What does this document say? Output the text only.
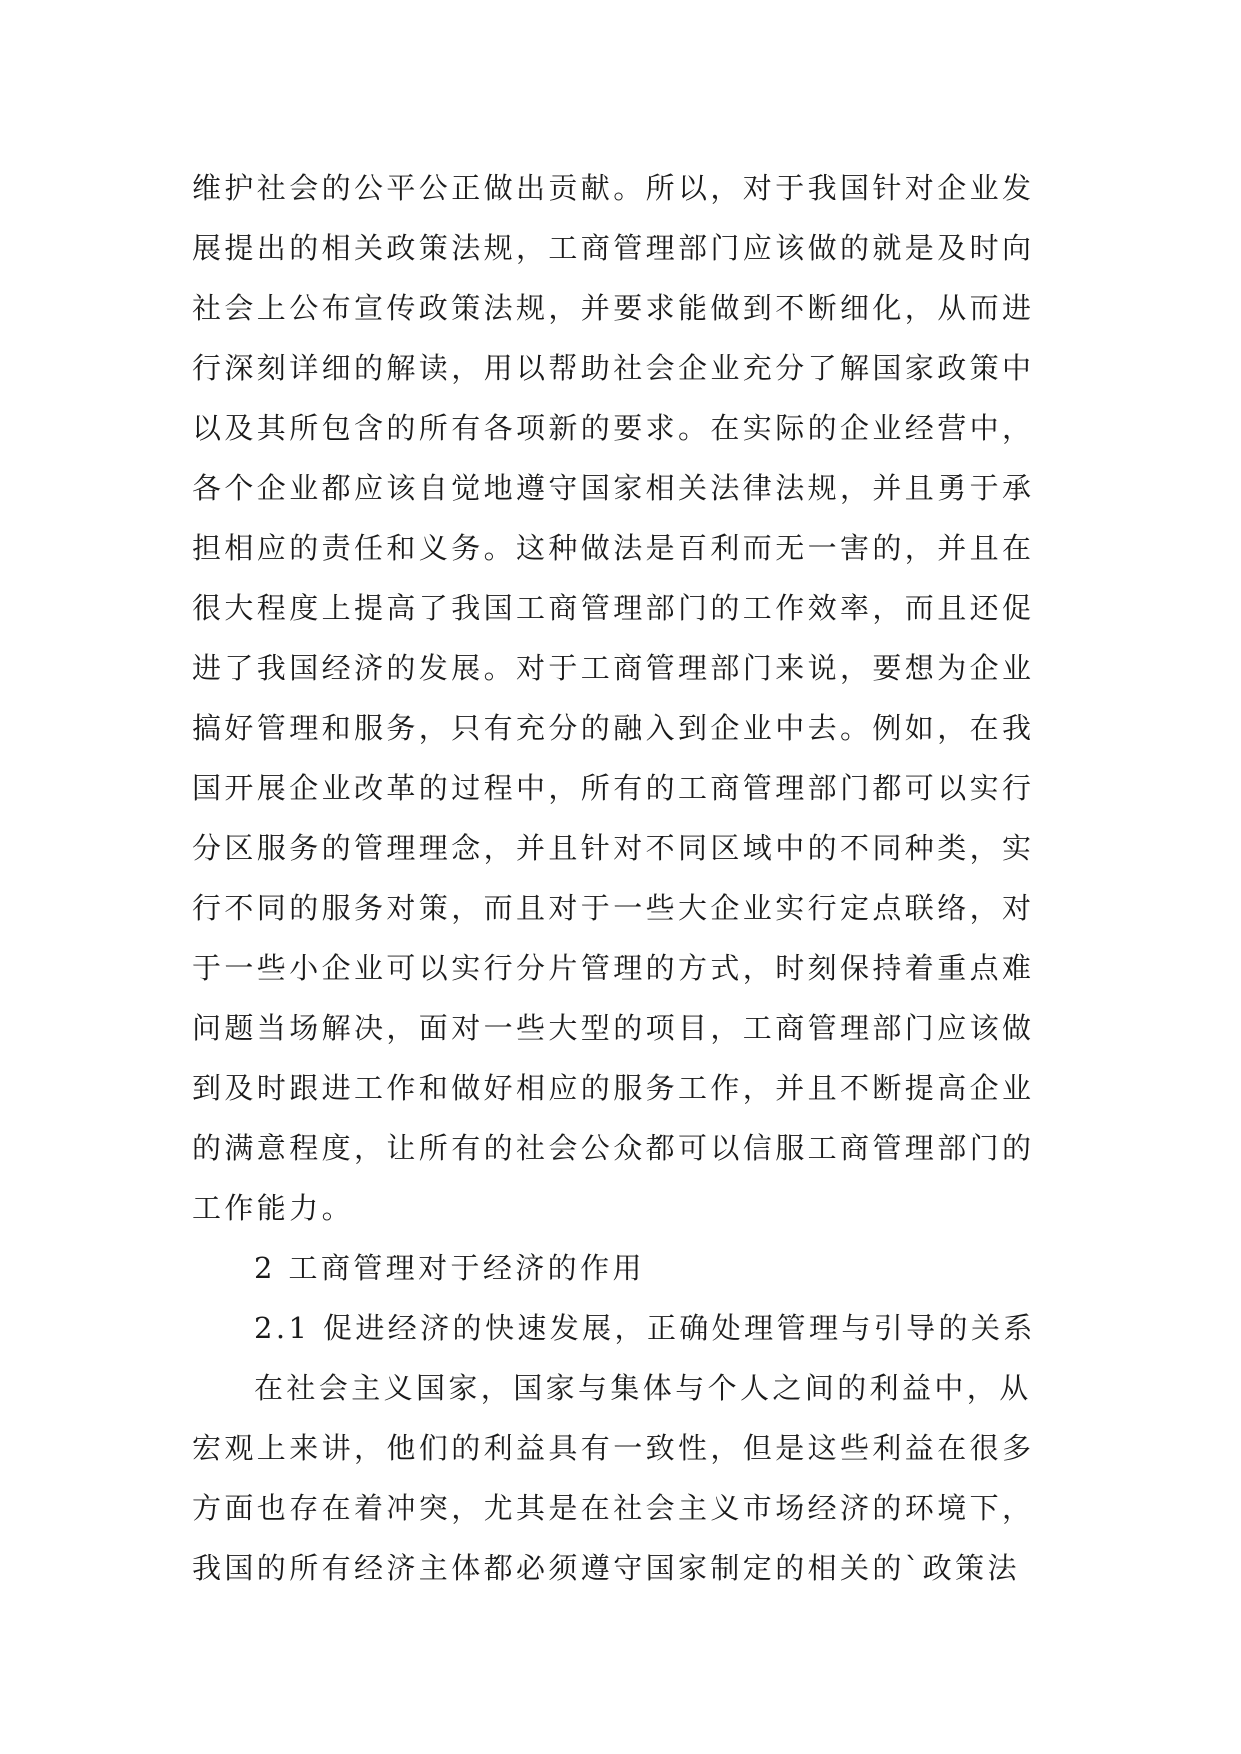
维护社会的公平公正做出贡献。所以，对于我国针对企业发
展提出的相关政策法规，工商管理部门应该做的就是及时向
社会上公布宣传政策法规，并要求能做到不断细化，从而进
行深刻详细的解读，用以帮助社会企业充分了解国家政策中
以及其所包含的所有各项新的要求。在实际的企业经营中，
各个企业都应该自觉地遵守国家相关法律法规，并且勇于承
担相应的责任和义务。这种做法是百利而无一害的，并且在
很大程度上提高了我国工商管理部门的工作效率，而且还促
进了我国经济的发展。对于工商管理部门来说，要想为企业
搞好管理和服务，只有充分的融入到企业中去。例如，在我
国开展企业改革的过程中，所有的工商管理部门都可以实行
分区服务的管理理念，并且针对不同区域中的不同种类，实
行不同的服务对策，而且对于一些大企业实行定点联络，对
于一些小企业可以实行分片管理的方式，时刻保持着重点难
问题当场解决，面对一些大型的项目，工商管理部门应该做
到及时跟进工作和做好相应的服务工作，并且不断提高企业
的满意程度，让所有的社会公众都可以信服工商管理部门的
工作能力。
2 工商管理对于经济的作用
2.1 促进经济的快速发展，正确处理管理与引导的关系
在社会主义国家，国家与集体与个人之间的利益中，从
宏观上来讲，他们的利益具有一致性，但是这些利益在很多
方面也存在着冲突，尤其是在社会主义市场经济的环境下，
我国的所有经济主体都必须遵守国家制定的相关的`政策法
